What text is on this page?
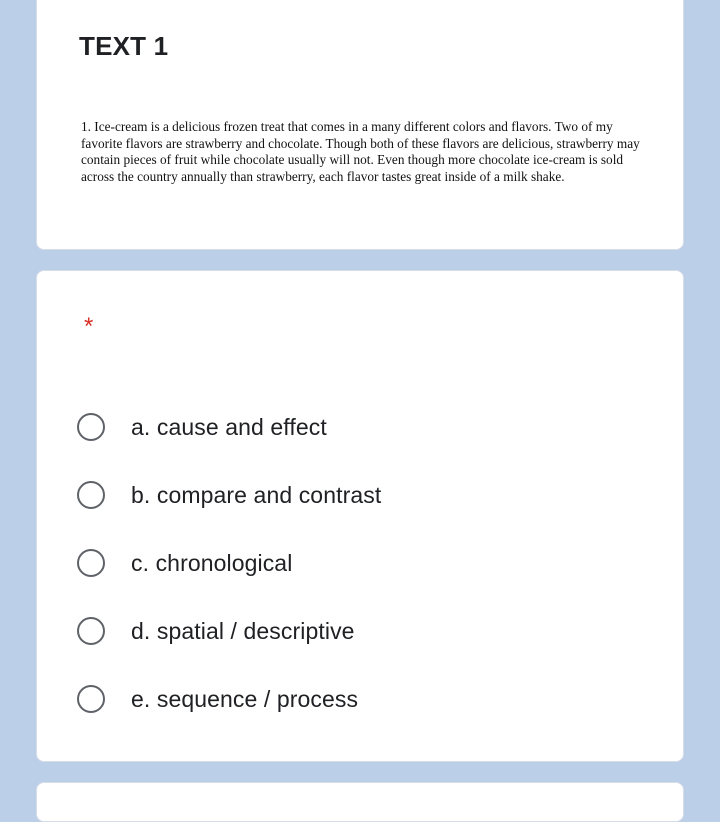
TEXT 1

1. Ice-cream is a delicious frozen treat that comes in a many different colors and flavors. Two of my favorite flavors are strawberry and chocolate. Though both of these flavors are delicious, strawberry may contain pieces of fruit while chocolate usually will not. Even though more chocolate ice-cream is sold across the country annually than strawberry, each flavor tastes great inside of a milk shake.

*
a. cause and effect
b. compare and contrast
c. chronological
d. spatial / descriptive
e. sequence / process
